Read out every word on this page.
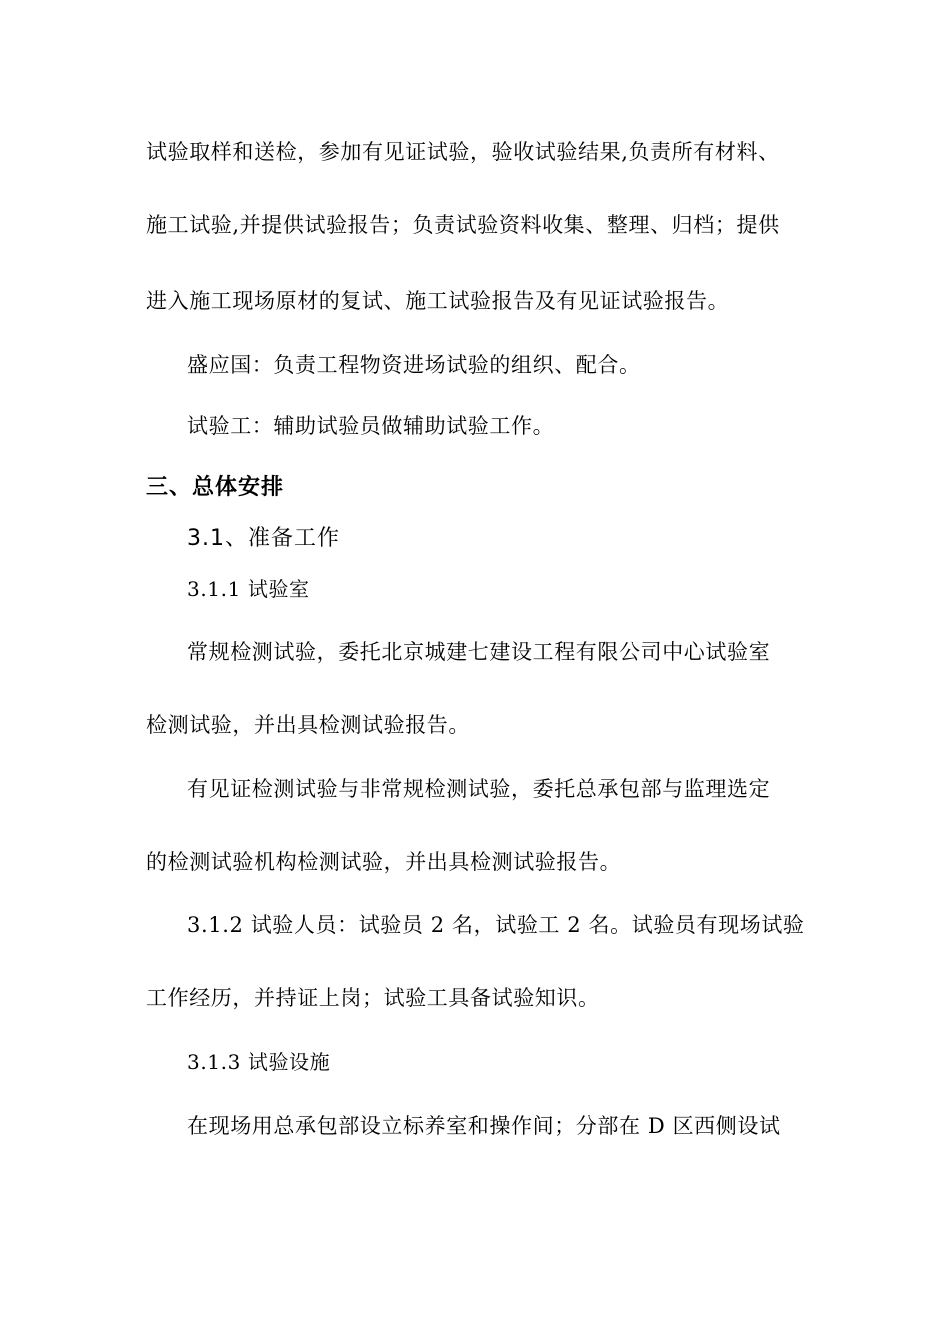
试验取样和送检，参加有见证试验，验收试验结果,负责所有材料、
施工试验,并提供试验报告；负责试验资料收集、整理、归档；提供
进入施工现场原材的复试、施工试验报告及有见证试验报告。
盛应国：负责工程物资进场试验的组织、配合。
试验工：辅助试验员做辅助试验工作。
三、总体安排
3.1、准备工作
3.1.1 试验室
常规检测试验，委托北京城建七建设工程有限公司中心试验室
检测试验，并出具检测试验报告。
有见证检测试验与非常规检测试验，委托总承包部与监理选定
的检测试验机构检测试验，并出具检测试验报告。
3.1.2 试验人员：试验员 2 名，试验工 2 名。试验员有现场试验
工作经历，并持证上岗；试验工具备试验知识。
3.1.3 试验设施
在现场用总承包部设立标养室和操作间；分部在 D 区西侧设试
